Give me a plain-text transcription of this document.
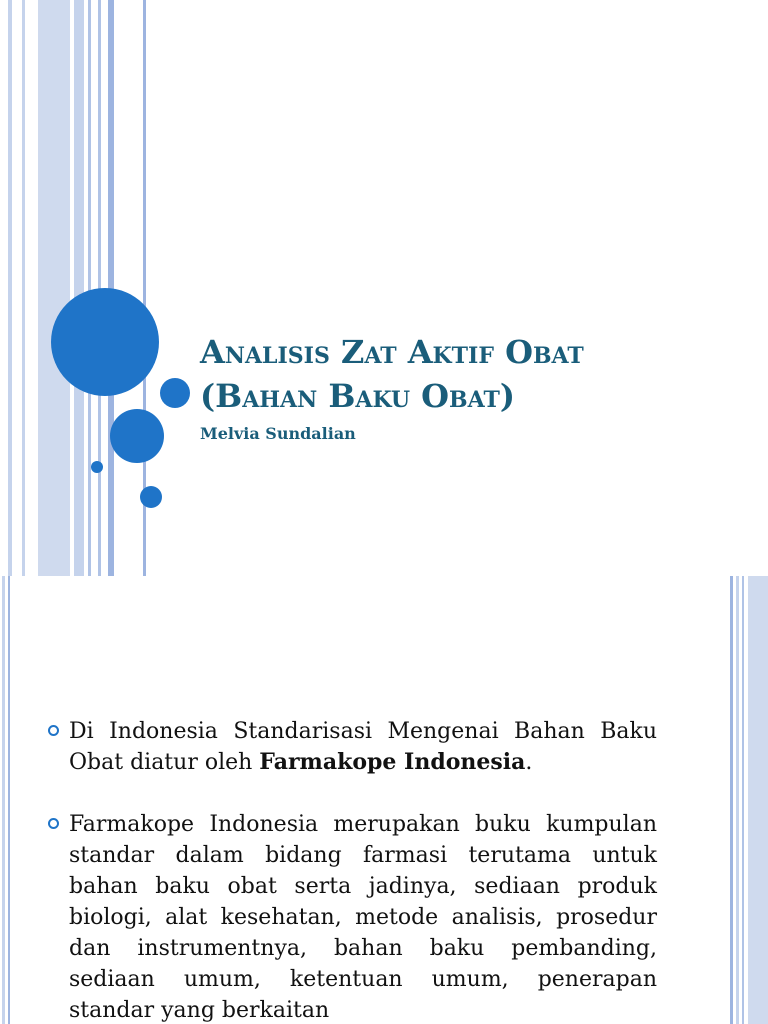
Analisis Zat Aktif Obat
(Bahan Baku Obat)
Melvia Sundalian
Di Indonesia Standarisasi Mengenai Bahan Baku Obat diatur oleh Farmakope Indonesia.
Farmakope Indonesia merupakan buku kumpulan standar dalam bidang farmasi terutama untuk bahan baku obat serta jadinya, sediaan produk biologi, alat kesehatan, metode analisis, prosedur dan instrumentnya, bahan baku pembanding, sediaan umum, ketentuan umum, penerapan standar yang berkaitan
